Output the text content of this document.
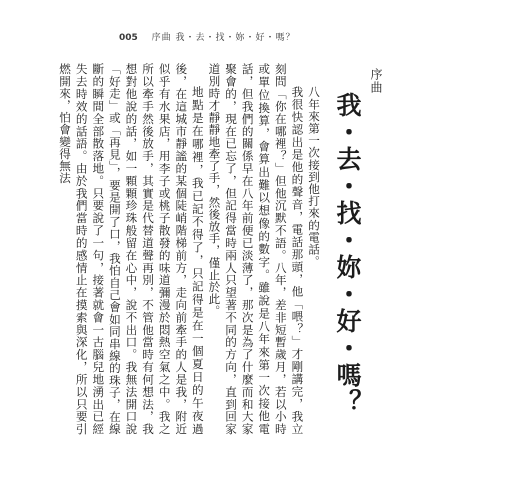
005 序曲 我・去・找・妳・好・嗎？
序曲
我・去・找・妳・好・嗎？

八年來第一次接到他打來的電話。

我很快認出是他的聲音，電話那頭，他「喂？」才剛講完，我立刻問「你在哪裡？」但他沉默不語。八年，差非短暫歲月，若以小時或單位換算，會算出難以想像的數字。雖說是八年來第一次接他電話，但我們的關係早在八年前便已淡薄了，那次是為了什麼而和大家聚會的，現在已忘了，但記得當時兩人只望著不同的方向，直到回家道別時才靜靜地牽了手，然後放手，僅止於此。

地點是在哪裡，我已記不得了，只記得是在一個夏日的午夜過後，在這城市靜謐的某個陡峭階梯前方，走向前牽手的人是我，附近似乎有水果店，用李子或桃子散發的味道彌漫於悶熱空氣之中。我之所以牽手然後放手，其實是代替道聲再別，不管他當時有何想法，我想對他說的話，如一顆顆珍珠般留在心中，說不出口。我無法開口說「好走」或「再見」，要是開了口，我怕自己會如同串線的珠子，在線斷的瞬間全部散落地。只要說了一句，接著就會一古腦兒地湧出已經失去時效的話語。由於我們當時的感情止在摸索與深化，所以只要引燃開來，怕會變得無法
